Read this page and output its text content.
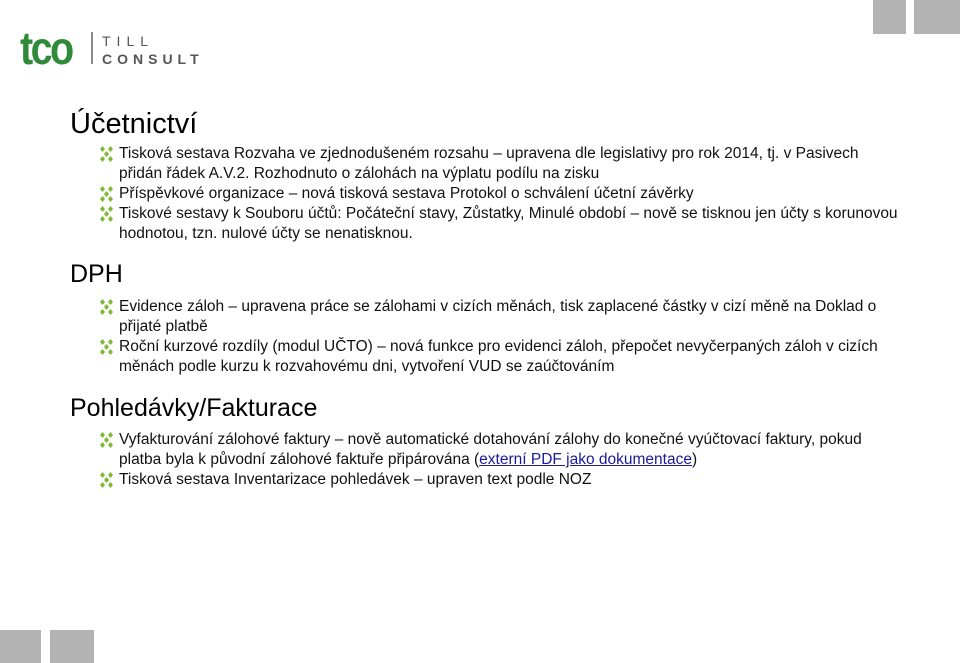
tco TILL
CONSULT
Účetnictví
Tisková sestava Rozvaha ve zjednodušeném rozsahu – upravena dle legislativy pro rok 2014, tj. v Pasivech přidán řádek A.V.2. Rozhodnuto o zálohách na výplatu podílu na zisku
Příspěvkové organizace – nová tisková sestava Protokol o schválení účetní závěrky
Tiskové sestavy k Souboru účtů: Počáteční stavy, Zůstatky, Minulé období – nově se tisknou jen účty s korunovou hodnotou, tzn. nulové účty se nenatisknou.
DPH
Evidence záloh – upravena práce se zálohami v cizích měnách, tisk zaplacené částky v cizí měně na Doklad o přijaté platbě
Roční kurzové rozdíly (modul UČTO) – nová funkce pro evidenci záloh, přepočet nevyčerpaných záloh v cizích měnách podle kurzu k rozvahovému dni, vytvoření VUD se zaúčtováním
Pohledávky/Fakturace
Vyfakturování zálohové faktury – nově automatické dotahování zálohy do konečné vyúčtovací faktury, pokud platba byla k původní zálohové faktuře připárována (externí PDF jako dokumentace)
Tisková sestava Inventarizace pohledávek – upraven text podle NOZ
